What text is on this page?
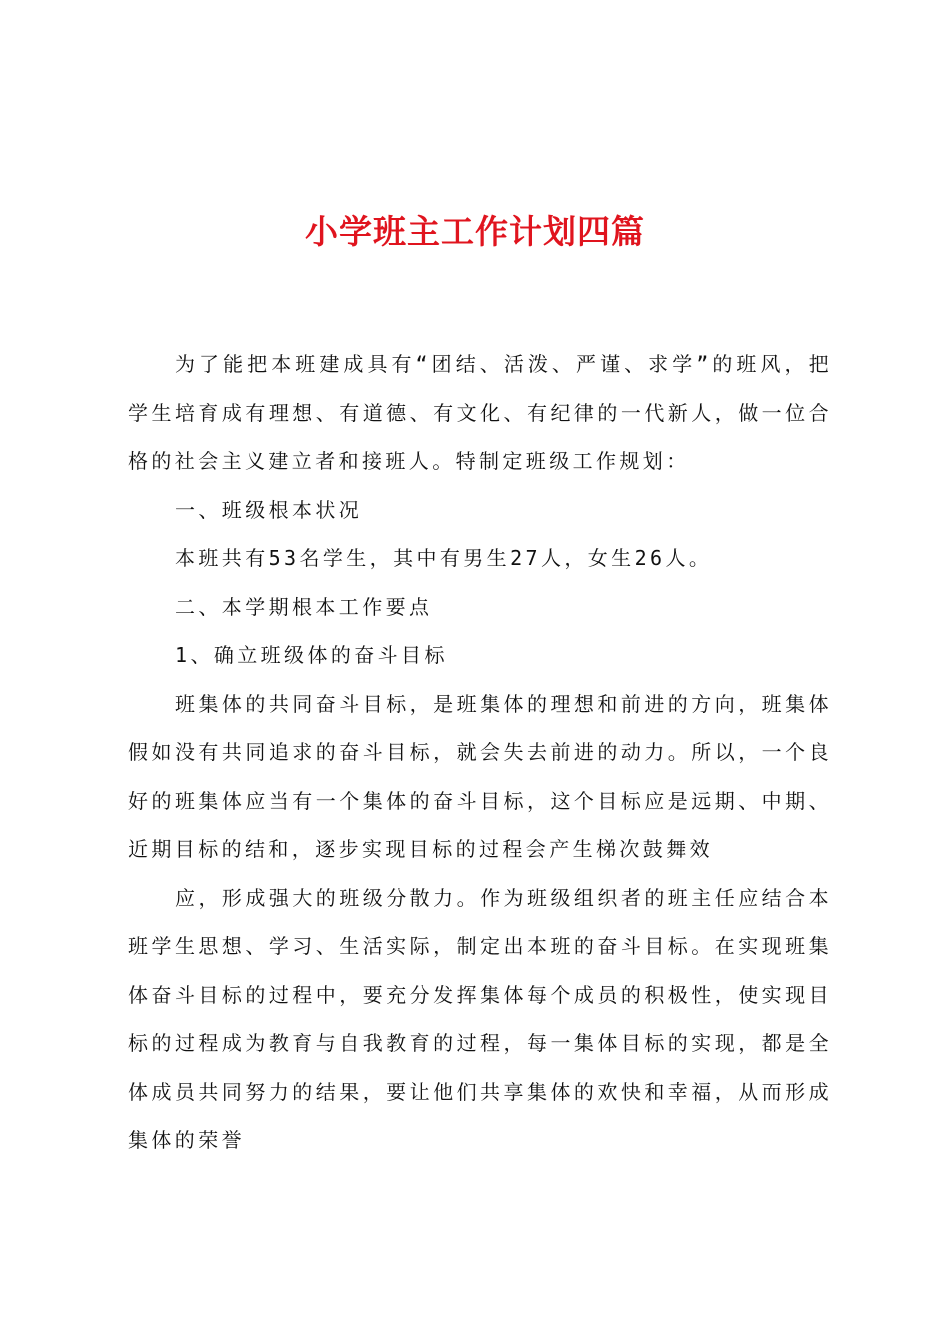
小学班主工作计划四篇

为了能把本班建成具有“团结、活泼、严谨、求学”的班风，把学生培育成有理想、有道德、有文化、有纪律的一代新人，做一位合格的社会主义建立者和接班人。特制定班级工作规划：

一、班级根本状况

本班共有53名学生，其中有男生27人，女生26人。

二、本学期根本工作要点

1、确立班级体的奋斗目标

班集体的共同奋斗目标，是班集体的理想和前进的方向，班集体假如没有共同追求的奋斗目标，就会失去前进的动力。所以，一个良好的班集体应当有一个集体的奋斗目标，这个目标应是远期、中期、近期目标的结和，逐步实现目标的过程会产生梯次鼓舞效

应，形成强大的班级分散力。作为班级组织者的班主任应结合本班学生思想、学习、生活实际，制定出本班的奋斗目标。在实现班集体奋斗目标的过程中，要充分发挥集体每个成员的积极性，使实现目标的过程成为教育与自我教育的过程，每一集体目标的实现，都是全体成员共同努力的结果，要让他们共享集体的欢快和幸福，从而形成集体的荣誉
